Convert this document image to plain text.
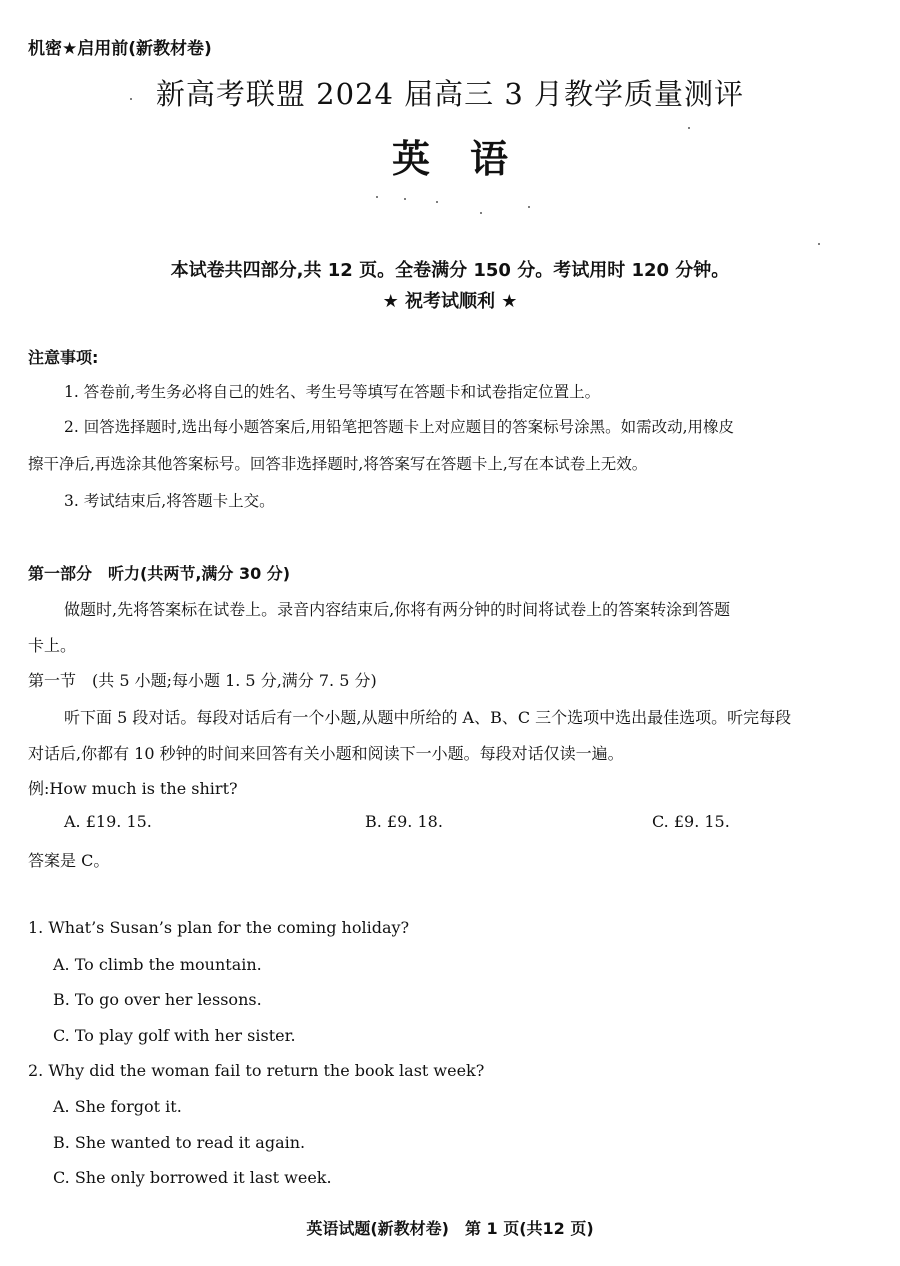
机密★启用前(新教材卷)
新高考联盟 2024 届高三 3 月教学质量测评
英语
本试卷共四部分,共 12 页。全卷满分 150 分。考试用时 120 分钟。
★ 祝考试顺利 ★
注意事项:
1. 答卷前,考生务必将自己的姓名、考生号等填写在答题卡和试卷指定位置上。
2. 回答选择题时,选出每小题答案后,用铅笔把答题卡上对应题目的答案标号涂黑。如需改动,用橡皮
擦干净后,再选涂其他答案标号。回答非选择题时,将答案写在答题卡上,写在本试卷上无效。
3. 考试结束后,将答题卡上交。
第一部分　听力(共两节,满分 30 分)
做题时,先将答案标在试卷上。录音内容结束后,你将有两分钟的时间将试卷上的答案转涂到答题
卡上。
第一节　(共 5 小题;每小题 1. 5 分,满分 7. 5 分)
听下面 5 段对话。每段对话后有一个小题,从题中所给的 A、B、C 三个选项中选出最佳选项。听完每段
对话后,你都有 10 秒钟的时间来回答有关小题和阅读下一小题。每段对话仅读一遍。
例:How much is the shirt?
A. £19. 15.	B. £9. 18.	C. £9. 15.
答案是 C。
1. What’s Susan’s plan for the coming holiday?
A. To climb the mountain.
B. To go over her lessons.
C. To play golf with her sister.
2. Why did the woman fail to return the book last week?
A. She forgot it.
B. She wanted to read it again.
C. She only borrowed it last week.
英语试题(新教材卷)　第 1 页(共12 页)
